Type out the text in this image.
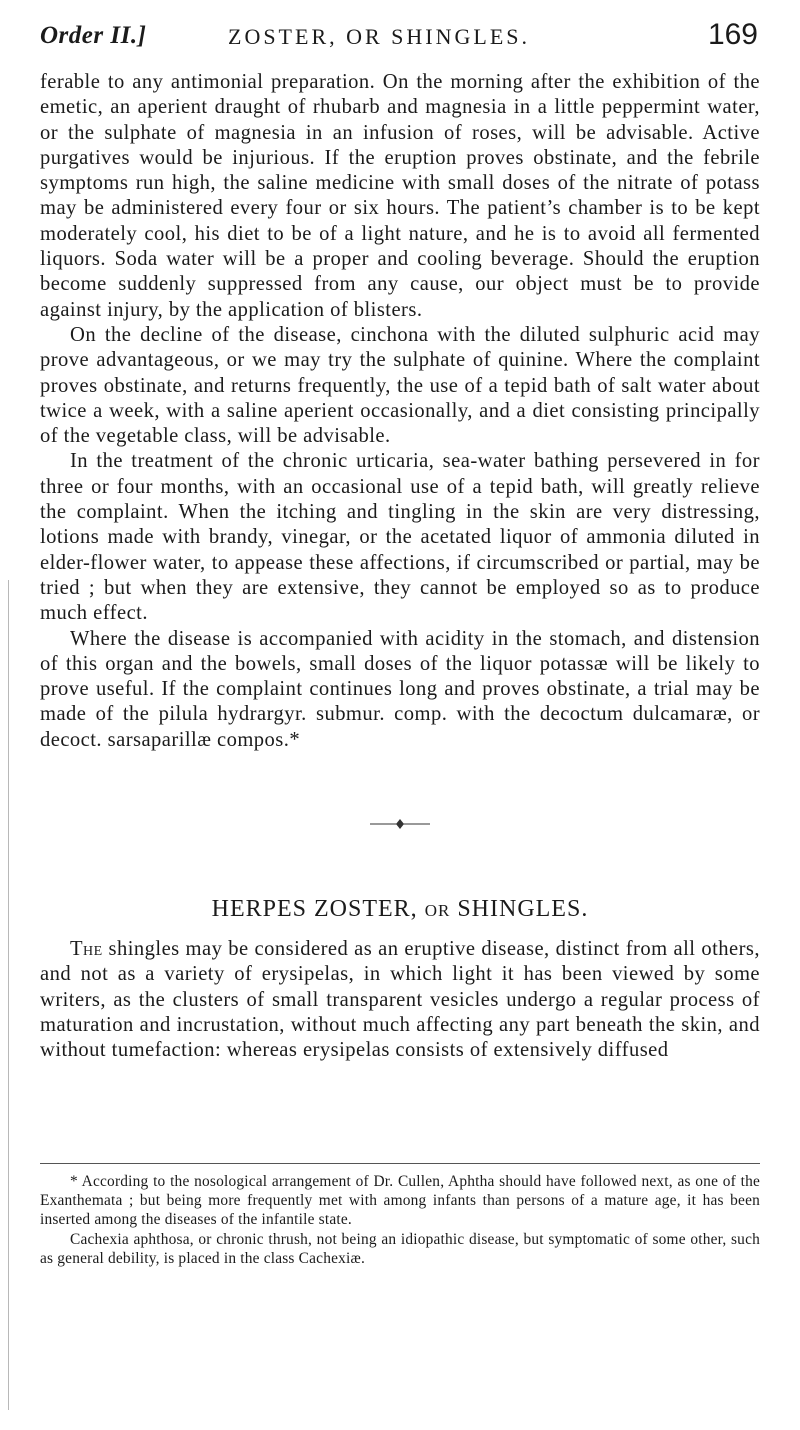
Order II.]	ZOSTER, OR SHINGLES.	169

ferable to any antimonial preparation. On the morning after the exhibition of the emetic, an aperient draught of rhubarb and magnesia in a little peppermint water, or the sulphate of magnesia in an infusion of roses, will be advisable. Active purgatives would be injurious. If the eruption proves obstinate, and the febrile symptoms run high, the saline medicine with small doses of the nitrate of potass may be administered every four or six hours. The patient’s chamber is to be kept moderately cool, his diet to be of a light nature, and he is to avoid all fermented liquors. Soda water will be a proper and cooling beverage. Should the eruption become suddenly suppressed from any cause, our object must be to provide against injury, by the application of blisters.

On the decline of the disease, cinchona with the diluted sulphuric acid may prove advantageous, or we may try the sulphate of quinine. Where the complaint proves obstinate, and returns frequently, the use of a tepid bath of salt water about twice a week, with a saline aperient occasionally, and a diet consisting principally of the vegetable class, will be advisable.

In the treatment of the chronic urticaria, sea-water bathing persevered in for three or four months, with an occasional use of a tepid bath, will greatly relieve the complaint. When the itching and tingling in the skin are very distressing, lotions made with brandy, vinegar, or the acetated liquor of ammonia diluted in elder-flower water, to appease these affections, if circumscribed or partial, may be tried ; but when they are extensive, they cannot be employed so as to produce much effect.

Where the disease is accompanied with acidity in the stomach, and distension of this organ and the bowels, small doses of the liquor potassæ will be likely to prove useful. If the complaint continues long and proves obstinate, a trial may be made of the pilula hydrargyr. submur. comp. with the decoctum dulcamaræ, or decoct. sarsaparillæ compos.*

HERPES ZOSTER, OR SHINGLES.

The shingles may be considered as an eruptive disease, distinct from all others, and not as a variety of erysipelas, in which light it has been viewed by some writers, as the clusters of small transparent vesicles undergo a regular process of maturation and incrustation, without much affecting any part beneath the skin, and without tumefaction: whereas erysipelas consists of extensively diffused

* According to the nosological arrangement of Dr. Cullen, Aphtha should have followed next, as one of the Exanthemata ; but being more frequently met with among infants than persons of a mature age, it has been inserted among the diseases of the infantile state.

Cachexia aphthosa, or chronic thrush, not being an idiopathic disease, but symptomatic of some other, such as general debility, is placed in the class Cachexiæ.
